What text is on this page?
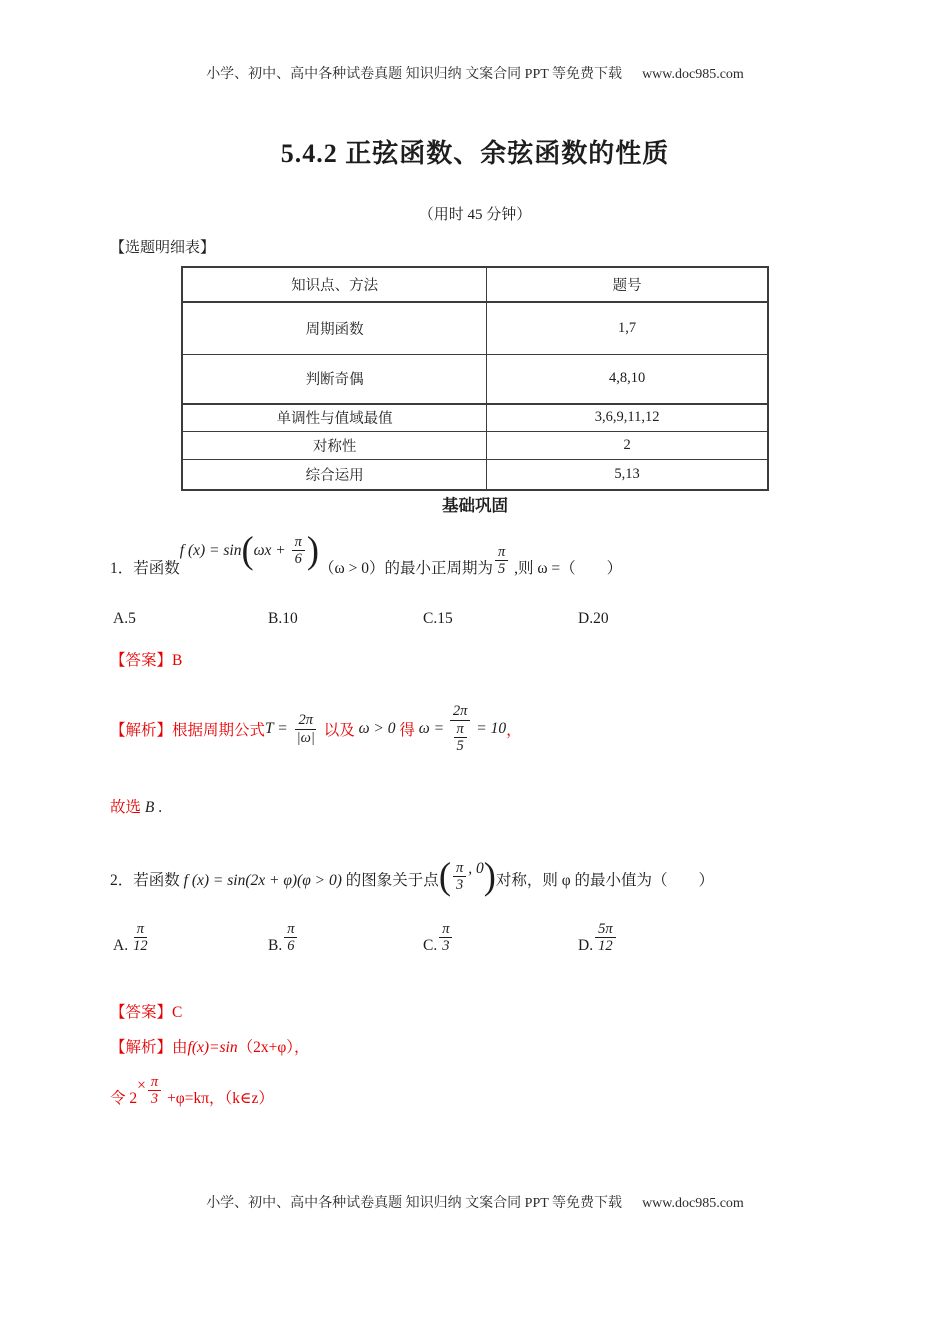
小学、初中、高中各种试卷真题 知识归纳 文案合同 PPT 等免费下载 www.doc985.com
5.4.2 正弦函数、余弦函数的性质
（用时 45 分钟）
【选题明细表】
知识点、方法	题号
周期函数	1,7
判断奇偶	4,8,10
单调性与值域最值	3,6,9,11,12
对称性	2
综合运用	5,13
基础巩固
1．若函数
f (x) = sin ( $\omega x + \frac{\pi}{6}$ ) （ω > 0）的最小正周期为 $\frac{\pi}{5}$ ,则 ω =（　　）
A. 5	B. 10	C. 15	D. 20
【答案】B
【解析】 根据周期公式 $T = \frac{2\pi}{|\omega|}$ 以及 ω > 0 得 $\omega = \frac{2\pi}{\frac{\pi}{5}} = 10$ ，
故选 B .
2．若函数 f (x) = sin(2x + φ)(φ > 0) 的图象关于点 ( $\frac{\pi}{3}$ , 0 ) 对称，则 φ 的最小值为（　　）
A. $\frac{\pi}{12}$	B. $\frac{\pi}{6}$	C. $\frac{\pi}{3}$	D. $\frac{5\pi}{12}$
【答案】C
【解析】由f(x)=sin（2x+φ），
令 2
× $\frac{\pi}{3} +\varphi=k\pi$，（k∈z）
小学、初中、高中各种试卷真题 知识归纳 文案合同 PPT 等免费下载 www.doc985.com
